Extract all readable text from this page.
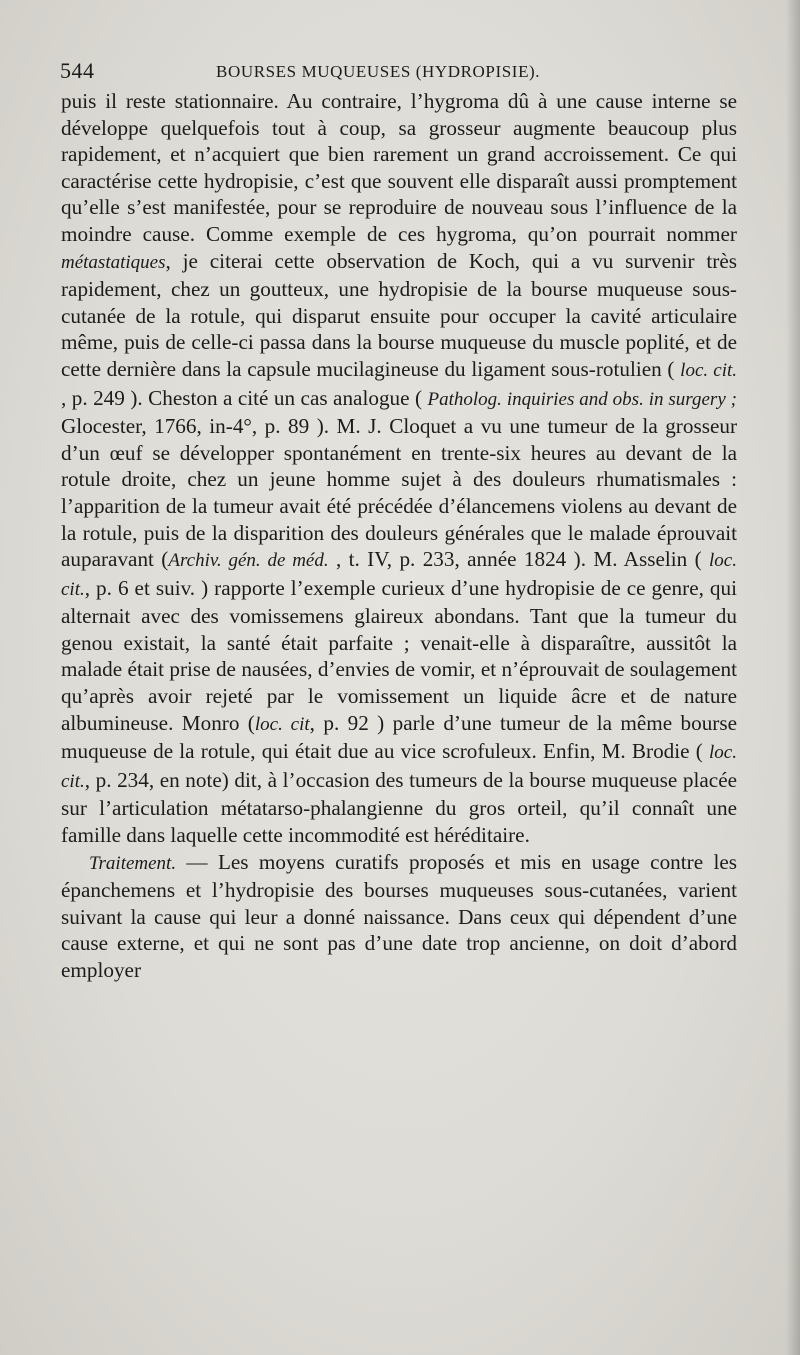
544	BOURSES MUQUEUSES (HYDROPISIE).

puis il reste stationnaire. Au contraire, l’hygroma dû à une cause interne se développe quelquefois tout à coup, sa grosseur augmente beaucoup plus rapidement, et n’acquiert que bien rarement un grand accroissement. Ce qui caractérise cette hydropisie, c’est que souvent elle disparaît aussi promptement qu’elle s’est manifestée, pour se reproduire de nouveau sous l’influence de la moindre cause. Comme exemple de ces hygroma, qu’on pourrait nommer métastatiques, je citerai cette observation de Koch, qui a vu survenir très rapidement, chez un goutteux, une hydropisie de la bourse muqueuse sous-cutanée de la rotule, qui disparut ensuite pour occuper la cavité articulaire même, puis de celle-ci passa dans la bourse muqueuse du muscle poplité, et de cette dernière dans la capsule mucilagineuse du ligament sous-rotulien ( loc. cit. , p. 249 ). Cheston a cité un cas analogue ( Patholog. inquiries and obs. in surgery ; Glocester, 1766, in-4°, p. 89 ). M. J. Cloquet a vu une tumeur de la grosseur d’un œuf se développer spontanément en trente-six heures au devant de la rotule droite, chez un jeune homme sujet à des douleurs rhumatismales : l’apparition de la tumeur avait été précédée d’élancemens violens au devant de la rotule, puis de la disparition des douleurs générales que le malade éprouvait auparavant (Archiv. gén. de méd. , t. IV, p. 233, année 1824 ). M. Asselin ( loc. cit., p. 6 et suiv. ) rapporte l’exemple curieux d’une hydropisie de ce genre, qui alternait avec des vomissemens glaireux abondans. Tant que la tumeur du genou existait, la santé était parfaite ; venait-elle à disparaître, aussitôt la malade était prise de nausées, d’envies de vomir, et n’éprouvait de soulagement qu’après avoir rejeté par le vomissement un liquide âcre et de nature albumineuse. Monro (loc. cit, p. 92 ) parle d’une tumeur de la même bourse muqueuse de la rotule, qui était due au vice scrofuleux. Enfin, M. Brodie ( loc. cit., p. 234, en note) dit, à l’occasion des tumeurs de la bourse muqueuse placée sur l’articulation métatarso-phalangienne du gros orteil, qu’il connaît une famille dans laquelle cette incommodité est héréditaire.

Traitement. — Les moyens curatifs proposés et mis en usage contre les épanchemens et l’hydropisie des bourses muqueuses sous-cutanées, varient suivant la cause qui leur a donné naissance. Dans ceux qui dépendent d’une cause externe, et qui ne sont pas d’une date trop ancienne, on doit d’abord employer
